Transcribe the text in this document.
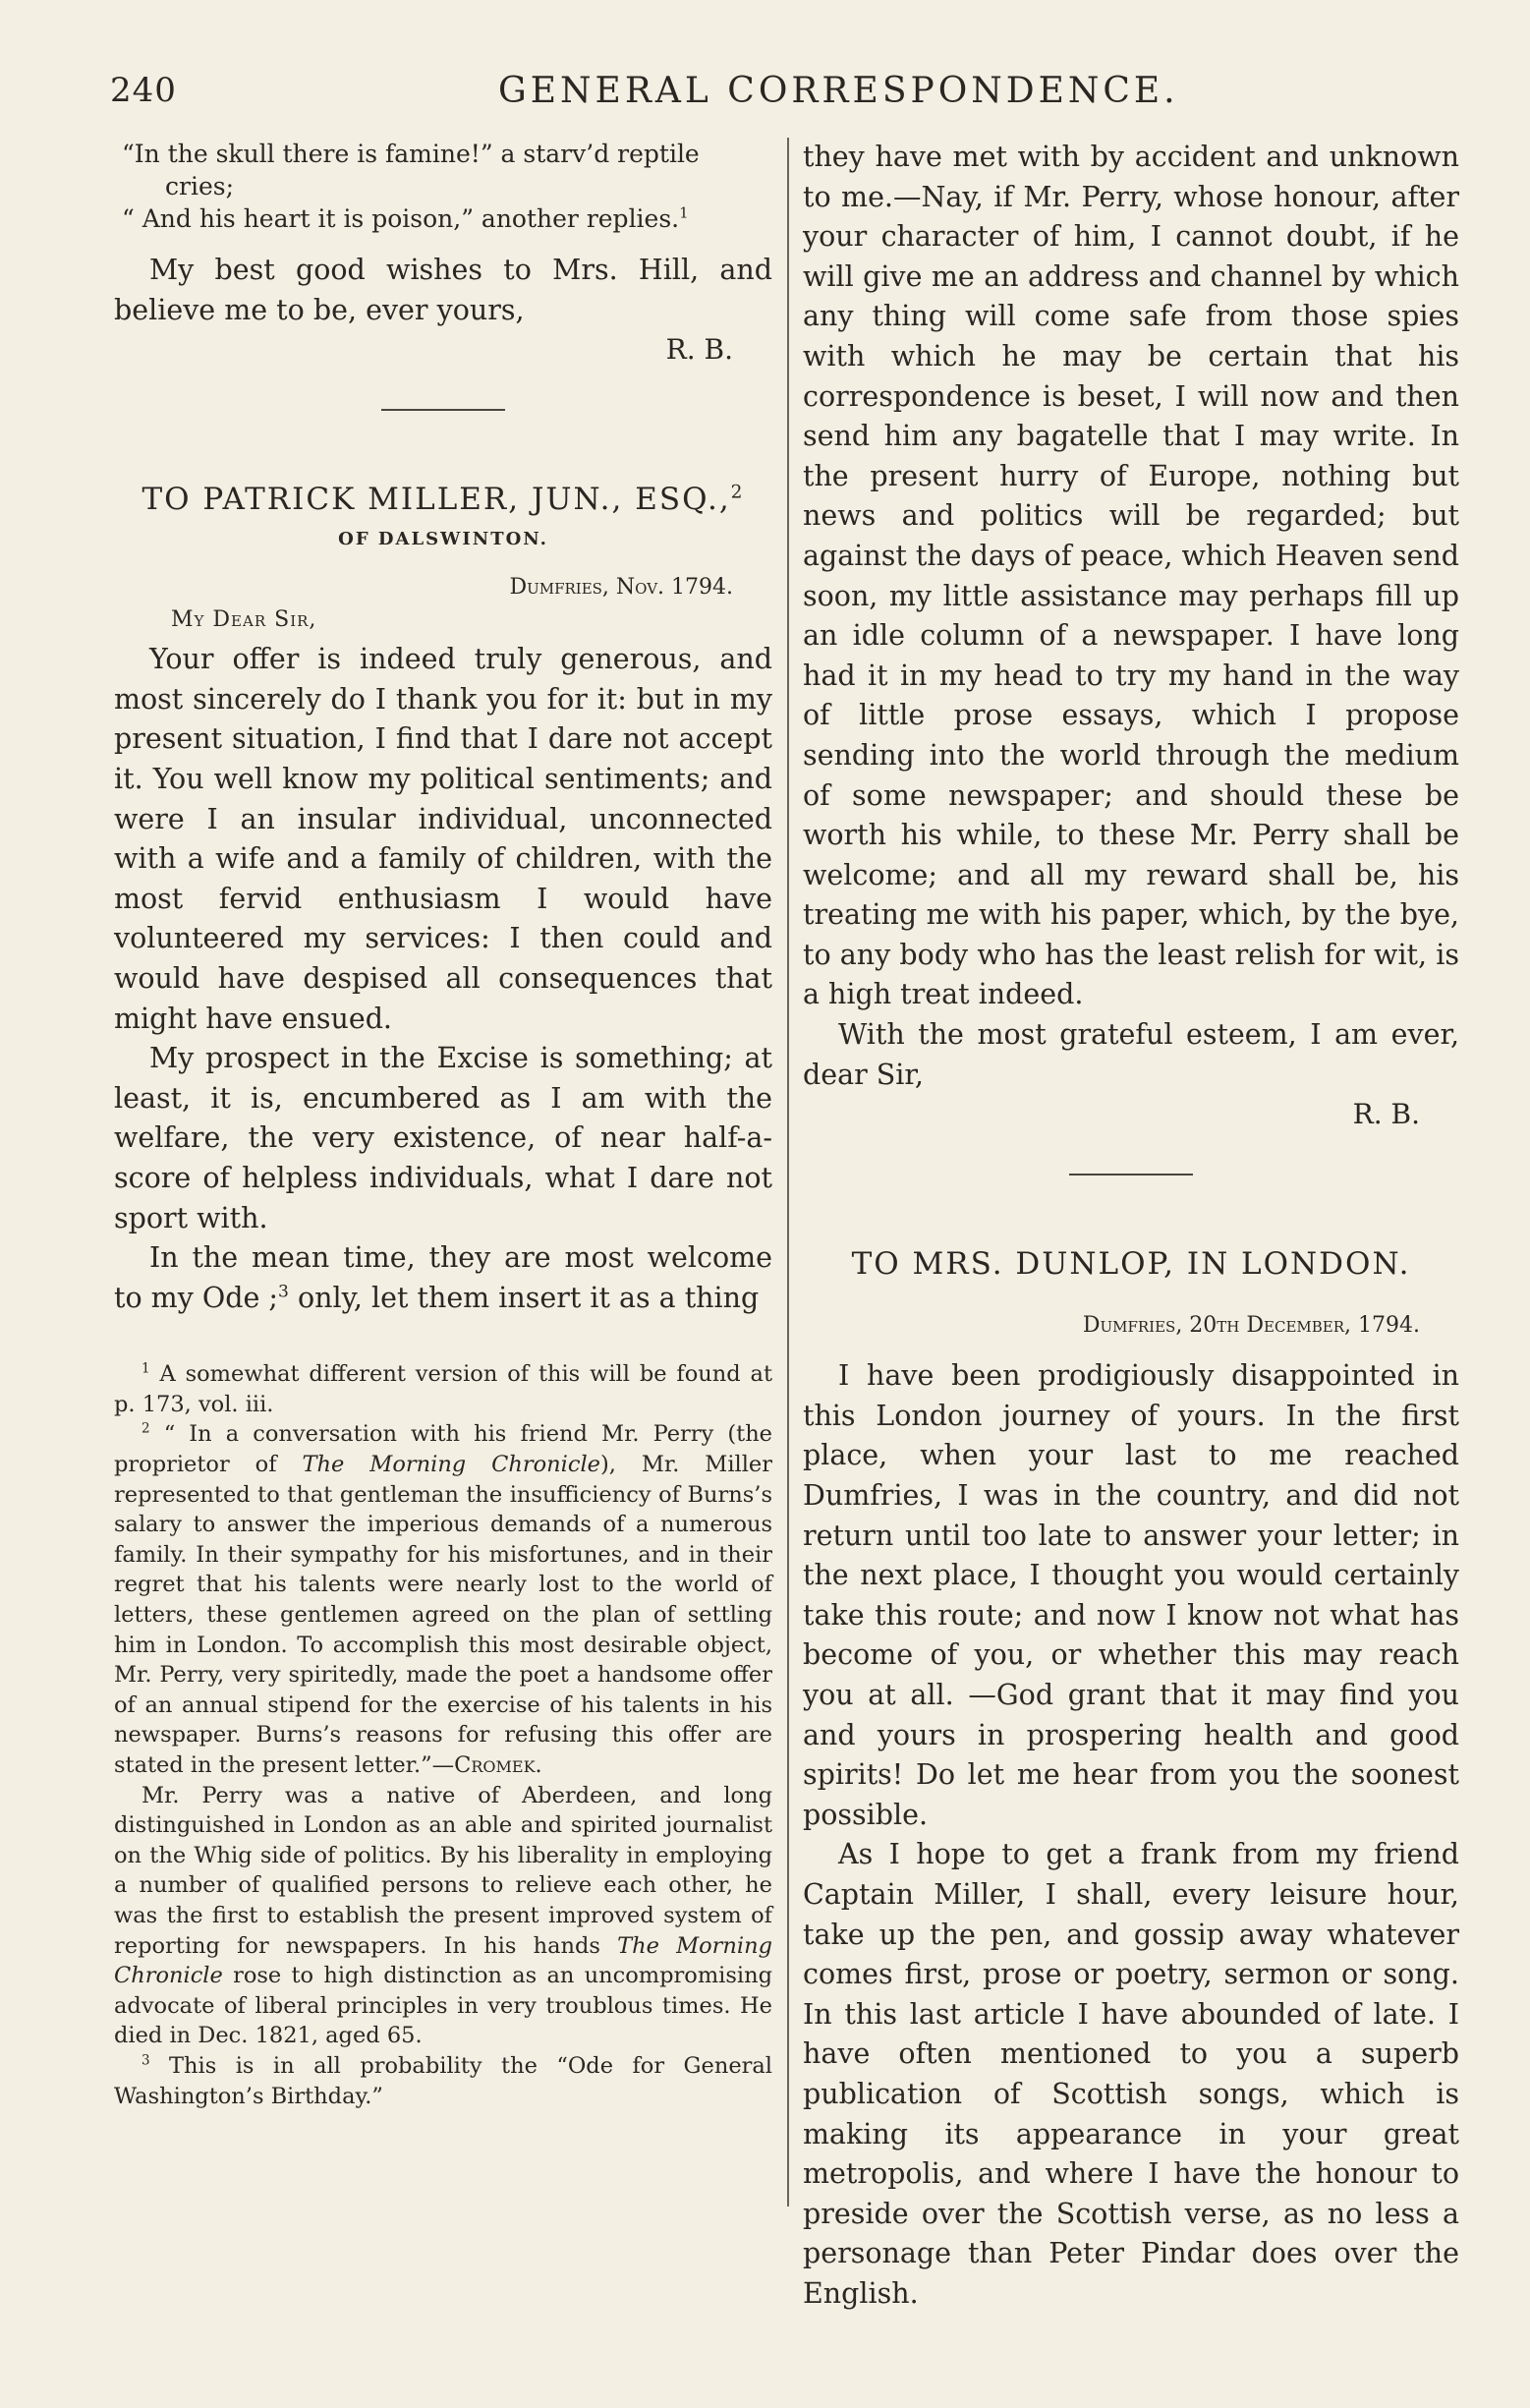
240	GENERAL CORRESPONDENCE.
“In the skull there is famine!” a starv’d reptile
cries;
“ And his heart it is poison,” another replies.$^1$

My best good wishes to Mrs. Hill, and believe me to be, ever yours,

R. B.

TO PATRICK MILLER, JUN., ESQ.,$^2$

OF DALSWINTON.

Dumfries, Nov. 1794.

My Dear Sir,

Your offer is indeed truly generous, and most sincerely do I thank you for it: but in my present situation, I find that I dare not accept it. You well know my political sentiments; and were I an insular individual, unconnected with a wife and a family of children, with the most fervid enthusiasm I would have volunteered my services: I then could and would have despised all consequences that might have ensued.

My prospect in the Excise is something; at least, it is, encumbered as I am with the welfare, the very existence, of near half-a-score of helpless individuals, what I dare not sport with.

In the mean time, they are most welcome to my Ode ;$^3$ only, let them insert it as a thing

$^1$ A somewhat different version of this will be found at p. 173, vol. iii.

$^2$ “ In a conversation with his friend Mr. Perry (the proprietor of The Morning Chronicle), Mr. Miller represented to that gentleman the insufficiency of Burns’s salary to answer the imperious demands of a numerous family. In their sympathy for his misfortunes, and in their regret that his talents were nearly lost to the world of letters, these gentlemen agreed on the plan of settling him in London. To accomplish this most desirable object, Mr. Perry, very spiritedly, made the poet a handsome offer of an annual stipend for the exercise of his talents in his newspaper. Burns’s reasons for refusing this offer are stated in the present letter.”—Cromek.

Mr. Perry was a native of Aberdeen, and long distinguished in London as an able and spirited journalist on the Whig side of politics. By his liberality in employing a number of qualified persons to relieve each other, he was the first to establish the present improved system of reporting for newspapers. In his hands The Morning Chronicle rose to high distinction as an uncompromising advocate of liberal principles in very troublous times. He died in Dec. 1821, aged 65.

$^3$ This is in all probability the “Ode for General Washington’s Birthday.”

they have met with by accident and unknown to me.—Nay, if Mr. Perry, whose honour, after your character of him, I cannot doubt, if he will give me an address and channel by which any thing will come safe from those spies with which he may be certain that his correspondence is beset, I will now and then send him any bagatelle that I may write. In the present hurry of Europe, nothing but news and politics will be regarded; but against the days of peace, which Heaven send soon, my little assistance may perhaps fill up an idle column of a newspaper. I have long had it in my head to try my hand in the way of little prose essays, which I propose sending into the world through the medium of some newspaper; and should these be worth his while, to these Mr. Perry shall be welcome; and all my reward shall be, his treating me with his paper, which, by the bye, to any body who has the least relish for wit, is a high treat indeed.

With the most grateful esteem, I am ever, dear Sir,

R. B.

TO MRS. DUNLOP, IN LONDON.

Dumfries, 20th December, 1794.

I have been prodigiously disappointed in this London journey of yours. In the first place, when your last to me reached Dumfries, I was in the country, and did not return until too late to answer your letter; in the next place, I thought you would certainly take this route; and now I know not what has become of you, or whether this may reach you at all. —God grant that it may find you and yours in prospering health and good spirits! Do let me hear from you the soonest possible.

As I hope to get a frank from my friend Captain Miller, I shall, every leisure hour, take up the pen, and gossip away whatever comes first, prose or poetry, sermon or song. In this last article I have abounded of late. I have often mentioned to you a superb publication of Scottish songs, which is making its appearance in your great metropolis, and where I have the honour to preside over the Scottish verse, as no less a personage than Peter Pindar does over the English.
